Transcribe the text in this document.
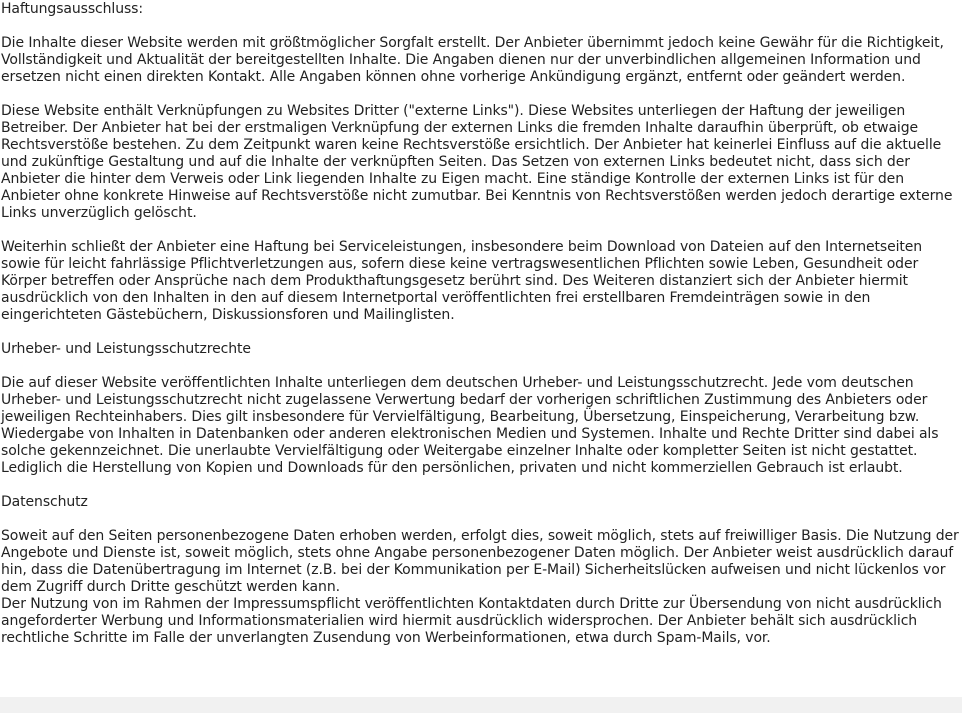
Haftungsausschluss:

Die Inhalte dieser Website werden mit größtmöglicher Sorgfalt erstellt. Der Anbieter übernimmt jedoch keine Gewähr für die Richtigkeit, Vollständigkeit und Aktualität der bereitgestellten Inhalte. Die Angaben dienen nur der unverbindlichen allgemeinen Information und ersetzen nicht einen direkten Kontakt. Alle Angaben können ohne vorherige Ankündigung ergänzt, entfernt oder geändert werden.

Diese Website enthält Verknüpfungen zu Websites Dritter ("externe Links"). Diese Websites unterliegen der Haftung der jeweiligen Betreiber. Der Anbieter hat bei der erstmaligen Verknüpfung der externen Links die fremden Inhalte daraufhin überprüft, ob etwaige Rechtsverstöße bestehen. Zu dem Zeitpunkt waren keine Rechtsverstöße ersichtlich. Der Anbieter hat keinerlei Einfluss auf die aktuelle und zukünftige Gestaltung und auf die Inhalte der verknüpften Seiten. Das Setzen von externen Links bedeutet nicht, dass sich der Anbieter die hinter dem Verweis oder Link liegenden Inhalte zu Eigen macht. Eine ständige Kontrolle der externen Links ist für den Anbieter ohne konkrete Hinweise auf Rechtsverstöße nicht zumutbar. Bei Kenntnis von Rechtsverstößen werden jedoch derartige externe Links unverzüglich gelöscht.

Weiterhin schließt der Anbieter eine Haftung bei Serviceleistungen, insbesondere beim Download von Dateien auf den Internetseiten sowie für leicht fahrlässige Pflichtverletzungen aus, sofern diese keine vertragswesentlichen Pflichten sowie Leben, Gesundheit oder Körper betreffen oder Ansprüche nach dem Produkthaftungsgesetz berührt sind. Des Weiteren distanziert sich der Anbieter hiermit ausdrücklich von den Inhalten in den auf diesem Internetportal veröffentlichten frei erstellbaren Fremdeinträgen sowie in den eingerichteten Gästebüchern, Diskussionsforen und Mailinglisten.

Urheber- und Leistungsschutzrechte

Die auf dieser Website veröffentlichten Inhalte unterliegen dem deutschen Urheber- und Leistungsschutzrecht. Jede vom deutschen Urheber- und Leistungsschutzrecht nicht zugelassene Verwertung bedarf der vorherigen schriftlichen Zustimmung des Anbieters oder jeweiligen Rechteinhabers. Dies gilt insbesondere für Vervielfältigung, Bearbeitung, Übersetzung, Einspeicherung, Verarbeitung bzw. Wiedergabe von Inhalten in Datenbanken oder anderen elektronischen Medien und Systemen. Inhalte und Rechte Dritter sind dabei als solche gekennzeichnet. Die unerlaubte Vervielfältigung oder Weitergabe einzelner Inhalte oder kompletter Seiten ist nicht gestattet. Lediglich die Herstellung von Kopien und Downloads für den persönlichen, privaten und nicht kommerziellen Gebrauch ist erlaubt.

Datenschutz

Soweit auf den Seiten personenbezogene Daten erhoben werden, erfolgt dies, soweit möglich, stets auf freiwilliger Basis. Die Nutzung der Angebote und Dienste ist, soweit möglich, stets ohne Angabe personenbezogener Daten möglich. Der Anbieter weist ausdrücklich darauf hin, dass die Datenübertragung im Internet (z.B. bei der Kommunikation per E-Mail) Sicherheitslücken aufweisen und nicht lückenlos vor dem Zugriff durch Dritte geschützt werden kann.

Der Nutzung von im Rahmen der Impressumspflicht veröffentlichten Kontaktdaten durch Dritte zur Übersendung von nicht ausdrücklich angeforderter Werbung und Informationsmaterialien wird hiermit ausdrücklich widersprochen. Der Anbieter behält sich ausdrücklich rechtliche Schritte im Falle der unverlangten Zusendung von Werbeinformationen, etwa durch Spam-Mails, vor.
